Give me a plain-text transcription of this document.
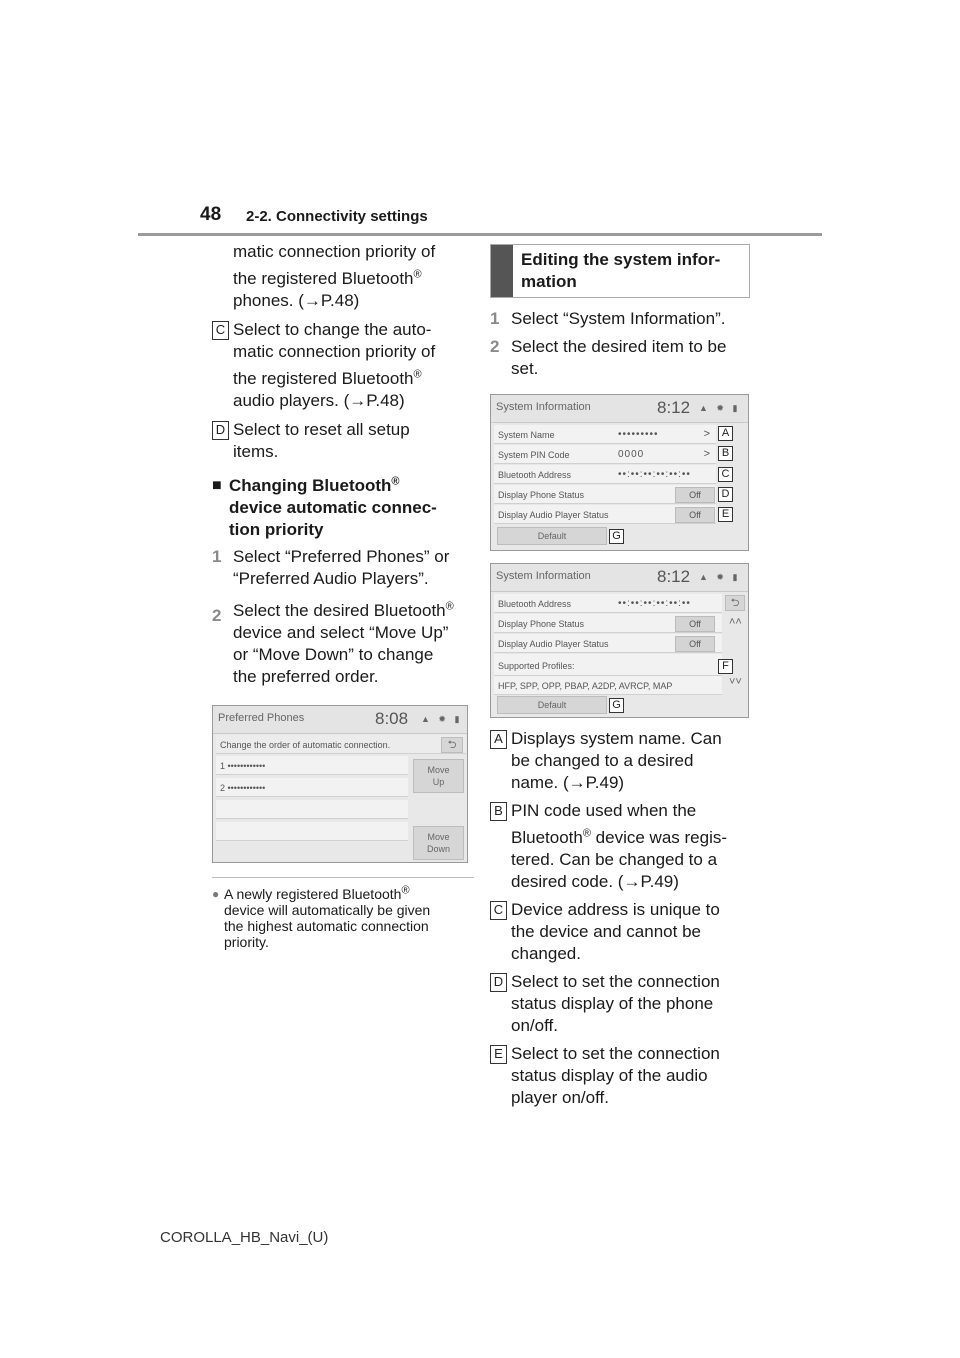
48 2-2. Connectivity settings
matic connection priority of
the registered Bluetooth®
phones. (→P.48)
C Select to change the auto-
matic connection priority of
the registered Bluetooth®
audio players. (→P.48)
D Select to reset all setup
items.
■ Changing Bluetooth®
device automatic connec-
tion priority
1 Select “Preferred Phones” or
“Preferred Audio Players”.
2 Select the desired Bluetooth®
device and select “Move Up”
or “Move Down” to change
the preferred order.
Preferred Phones	8:08 ▲ ✹ ▮
Change the order of automatic connection.	⮌
1 ••••••••••••
2 ••••••••••••
Move
Up
Move
Down
● A newly registered Bluetooth®
device will automatically be given
the highest automatic connection
priority.
Editing the system infor-
mation
1 Select “System Information”.
2 Select the desired item to be
set.
System Information	8:12 ▲ ✹ ▮
System Name	•••••••••	>
System PIN Code	0000	>
Bluetooth Address	••:••:••:••:••:••
Display Phone Status	Off
Display Audio Player Status	Off
Default
A
B
C
D
E
G
System Information	8:12 ▲ ✹ ▮
Bluetooth Address	••:••:••:••:••:••
Display Phone Status	Off
Display Audio Player Status	Off
Supported Profiles:
HFP, SPP, OPP, PBAP, A2DP, AVRCP, MAP
Default
⮌
˄˄
˅˅
F
G
A Displays system name. Can
be changed to a desired
name. (→P.49)
B PIN code used when the
Bluetooth® device was regis-
tered. Can be changed to a
desired code. (→P.49)
C Device address is unique to
the device and cannot be
changed.
D Select to set the connection
status display of the phone
on/off.
E Select to set the connection
status display of the audio
player on/off.
COROLLA_HB_Navi_(U)
